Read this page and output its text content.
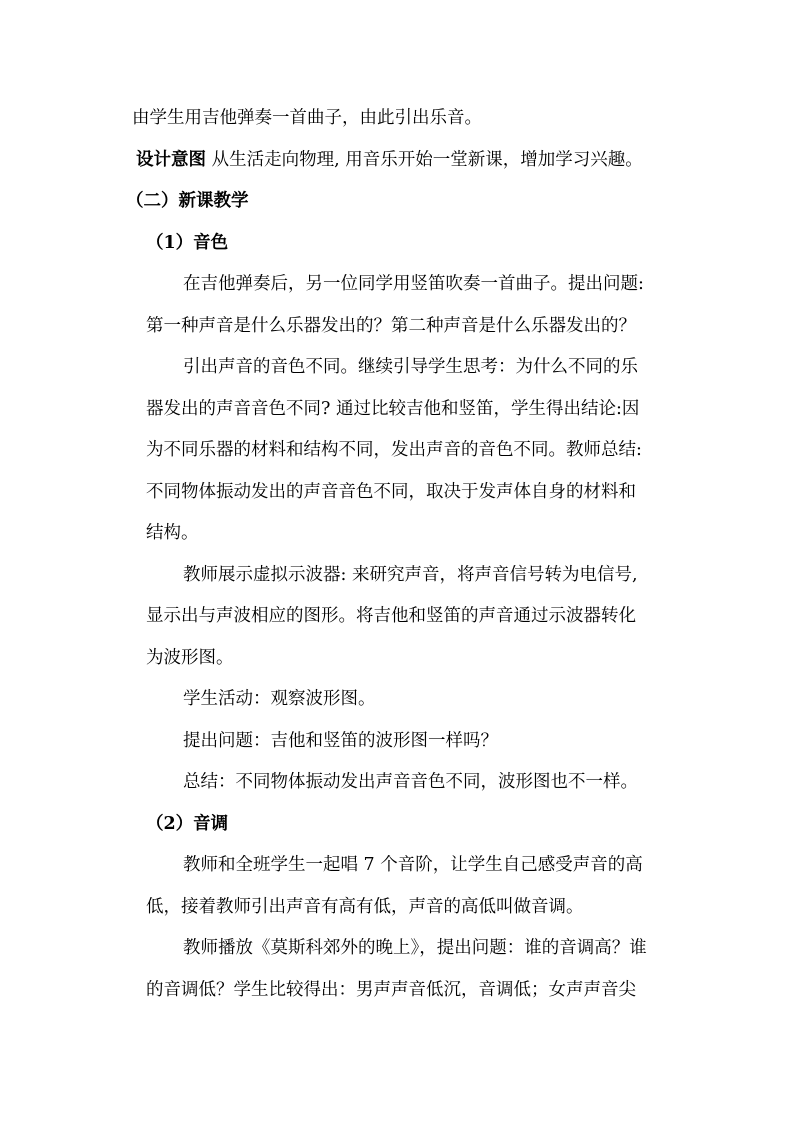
由学生用吉他弹奏一首曲子，由此引出乐音。

设计意图 从生活走向物理, 用音乐开始一堂新课，增加学习兴趣。

（二）新课教学

（1）音色

在吉他弹奏后，另一位同学用竖笛吹奏一首曲子。提出问题:

第一种声音是什么乐器发出的？第二种声音是什么乐器发出的？

引出声音的音色不同。继续引导学生思考：为什么不同的乐

器发出的声音音色不同? 通过比较吉他和竖笛，学生得出结论:因

为不同乐器的材料和结构不同，发出声音的音色不同。教师总结:

不同物体振动发出的声音音色不同，取决于发声体自身的材料和

结构。

教师展示虚拟示波器: 来研究声音，将声音信号转为电信号,

显示出与声波相应的图形。将吉他和竖笛的声音通过示波器转化

为波形图。

学生活动：观察波形图。

提出问题：吉他和竖笛的波形图一样吗？

总结：不同物体振动发出声音音色不同，波形图也不一样。

（2）音调

教师和全班学生一起唱 7 个音阶，让学生自己感受声音的高

低，接着教师引出声音有高有低，声音的高低叫做音调。

教师播放《莫斯科郊外的晚上》，提出问题：谁的音调高？谁

的音调低？学生比较得出：男声声音低沉，音调低；女声声音尖
